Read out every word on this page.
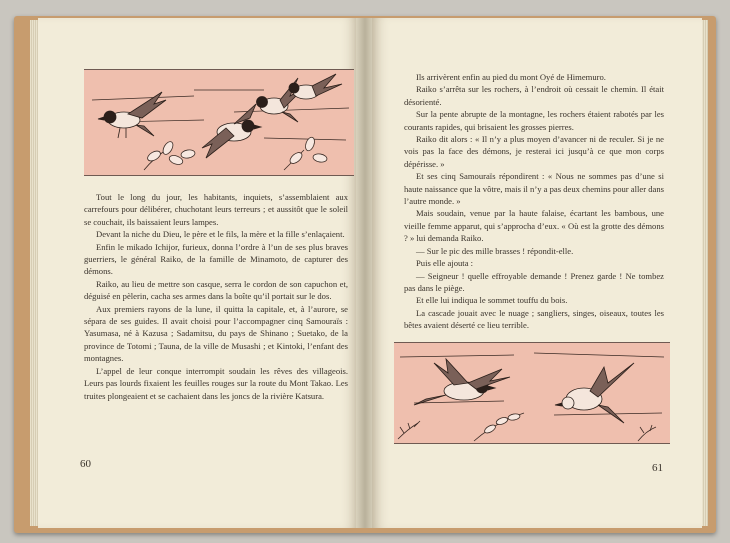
Tout le long du jour, les habitants, inquiets, s’assemblaient aux carrefours pour délibérer, chuchotant leurs terreurs ; et aussitôt que le soleil se couchait, ils baissaient leurs lampes.

Devant la niche du Dieu, le père et le fils, la mère et la fille s’enlaçaient.

Enfin le mikado Ichijor, furieux, donna l’ordre à l’un de ses plus braves guerriers, le général Raiko, de la famille de Minamoto, de capturer des démons.

Raiko, au lieu de mettre son casque, serra le cordon de son capuchon et, déguisé en pèlerin, cacha ses armes dans la boîte qu’il portait sur le dos.

Aux premiers rayons de la lune, il quitta la capitale, et, à l’aurore, se sépara de ses guides. Il avait choisi pour l’accompagner cinq Samouraïs : Yasumasa, né à Kazusa ; Sadamitsu, du pays de Shinano ; Suetako, de la province de Totomi ; Tauna, de la ville de Musashi ; et Kintoki, l’enfant des montagnes.

L’appel de leur conque interrompit soudain les rêves des villageois. Leurs pas lourds fixaient les feuilles rouges sur la route du Mont Takao. Les truites plongeaient et se cachaient dans les joncs de la rivière Katsura.

60

Ils arrivèrent enfin au pied du mont Oyé de Himemuro.

Raiko s’arrêta sur les rochers, à l’endroit où cessait le chemin. Il était désorienté.

Sur la pente abrupte de la montagne, les rochers étaient rabotés par les courants rapides, qui brisaient les grosses pierres.

Raiko dit alors : « Il n’y a plus moyen d’avancer ni de reculer. Si je ne vois pas la face des démons, je resterai ici jusqu’à ce que mon corps dépérisse. »

Et ses cinq Samouraïs répondirent : « Nous ne sommes pas d’une si haute naissance que la vôtre, mais il n’y a pas deux chemins pour aller dans l’autre monde. »

Mais soudain, venue par la haute falaise, écartant les bambous, une vieille femme apparut, qui s’approcha d’eux. « Où est la grotte des démons ? » lui demanda Raiko.

— Sur le pic des mille brasses ! répondit-elle.

Puis elle ajouta :

— Seigneur ! quelle effroyable demande ! Prenez garde ! Ne tombez pas dans le piège.

Et elle lui indiqua le sommet touffu du bois.

La cascade jouait avec le nuage ; sangliers, singes, oiseaux, toutes les bêtes avaient déserté ce lieu terrible.

61
